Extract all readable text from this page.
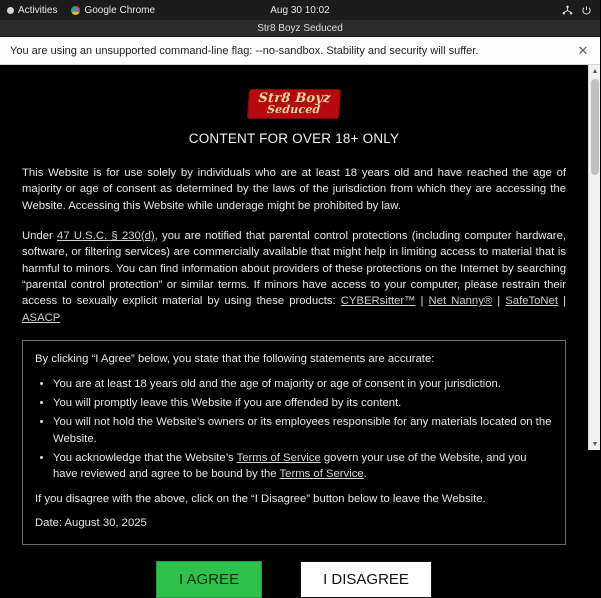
Activities	Google Chrome	Aug 30 10:02
Str8 Boyz Seduced
You are using an unsupported command-line flag: --no-sandbox. Stability and security will suffer.	✕
Str8 Boyz
Seduced
CONTENT FOR OVER 18+ ONLY

This Website is for use solely by individuals who are at least 18 years old and have reached the age of majority or age of consent as determined by the laws of the jurisdiction from which they are accessing the Website. Accessing this Website while underage might be prohibited by law.

Under 47 U.S.C. § 230(d), you are notified that parental control protections (including computer hardware, software, or filtering services) are commercially available that might help in limiting access to material that is harmful to minors. You can find information about providers of these protections on the Internet by searching “parental control protection” or similar terms. If minors have access to your computer, please restrain their access to sexually explicit material by using these products: CYBERsitter™ | Net Nanny® | SafeToNet | ASACP

By clicking “I Agree” below, you state that the following statements are accurate:

• You are at least 18 years old and the age of majority or age of consent in your jurisdiction.
• You will promptly leave this Website if you are offended by its content.
• You will not hold the Website’s owners or its employees responsible for any materials located on the Website.
• You acknowledge that the Website’s Terms of Service govern your use of the Website, and you have reviewed and agree to be bound by the Terms of Service.

If you disagree with the above, click on the “I Disagree” button below to leave the Website.

Date: August 30, 2025

I AGREE	I DISAGREE
▲
▼
